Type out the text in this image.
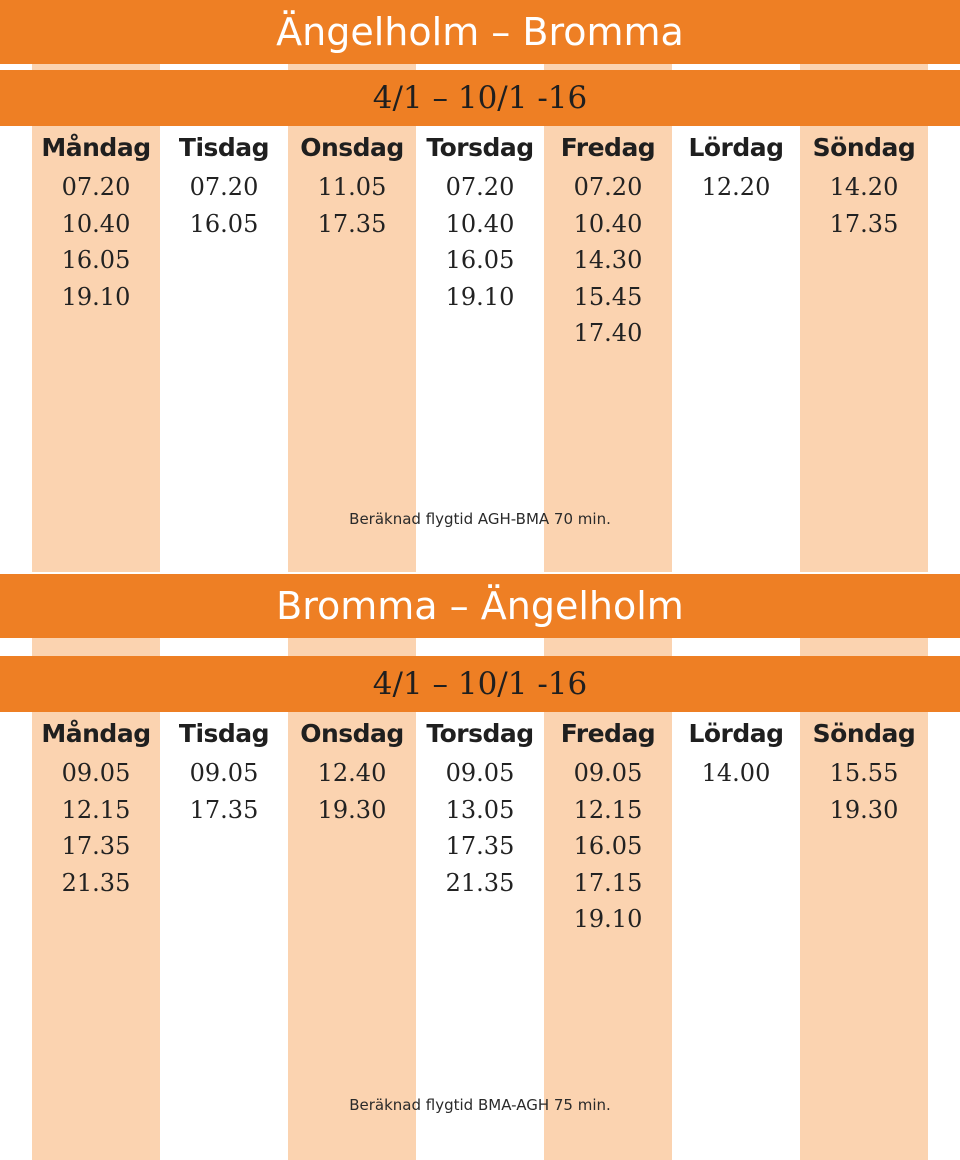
Ängelholm – Bromma
4/1 – 10/1 -16
Måndag
07.20
10.40
16.05
19.10
Tisdag
07.20
16.05
Onsdag
11.05
17.35
Torsdag
07.20
10.40
16.05
19.10
Fredag
07.20
10.40
14.30
15.45
17.40
Lördag
12.20
Söndag
14.20
17.35
Beräknad flygtid AGH-BMA 70 min.
Bromma – Ängelholm
4/1 – 10/1 -16
Måndag
09.05
12.15
17.35
21.35
Tisdag
09.05
17.35
Onsdag
12.40
19.30
Torsdag
09.05
13.05
17.35
21.35
Fredag
09.05
12.15
16.05
17.15
19.10
Lördag
14.00
Söndag
15.55
19.30
Beräknad flygtid BMA-AGH 75 min.
